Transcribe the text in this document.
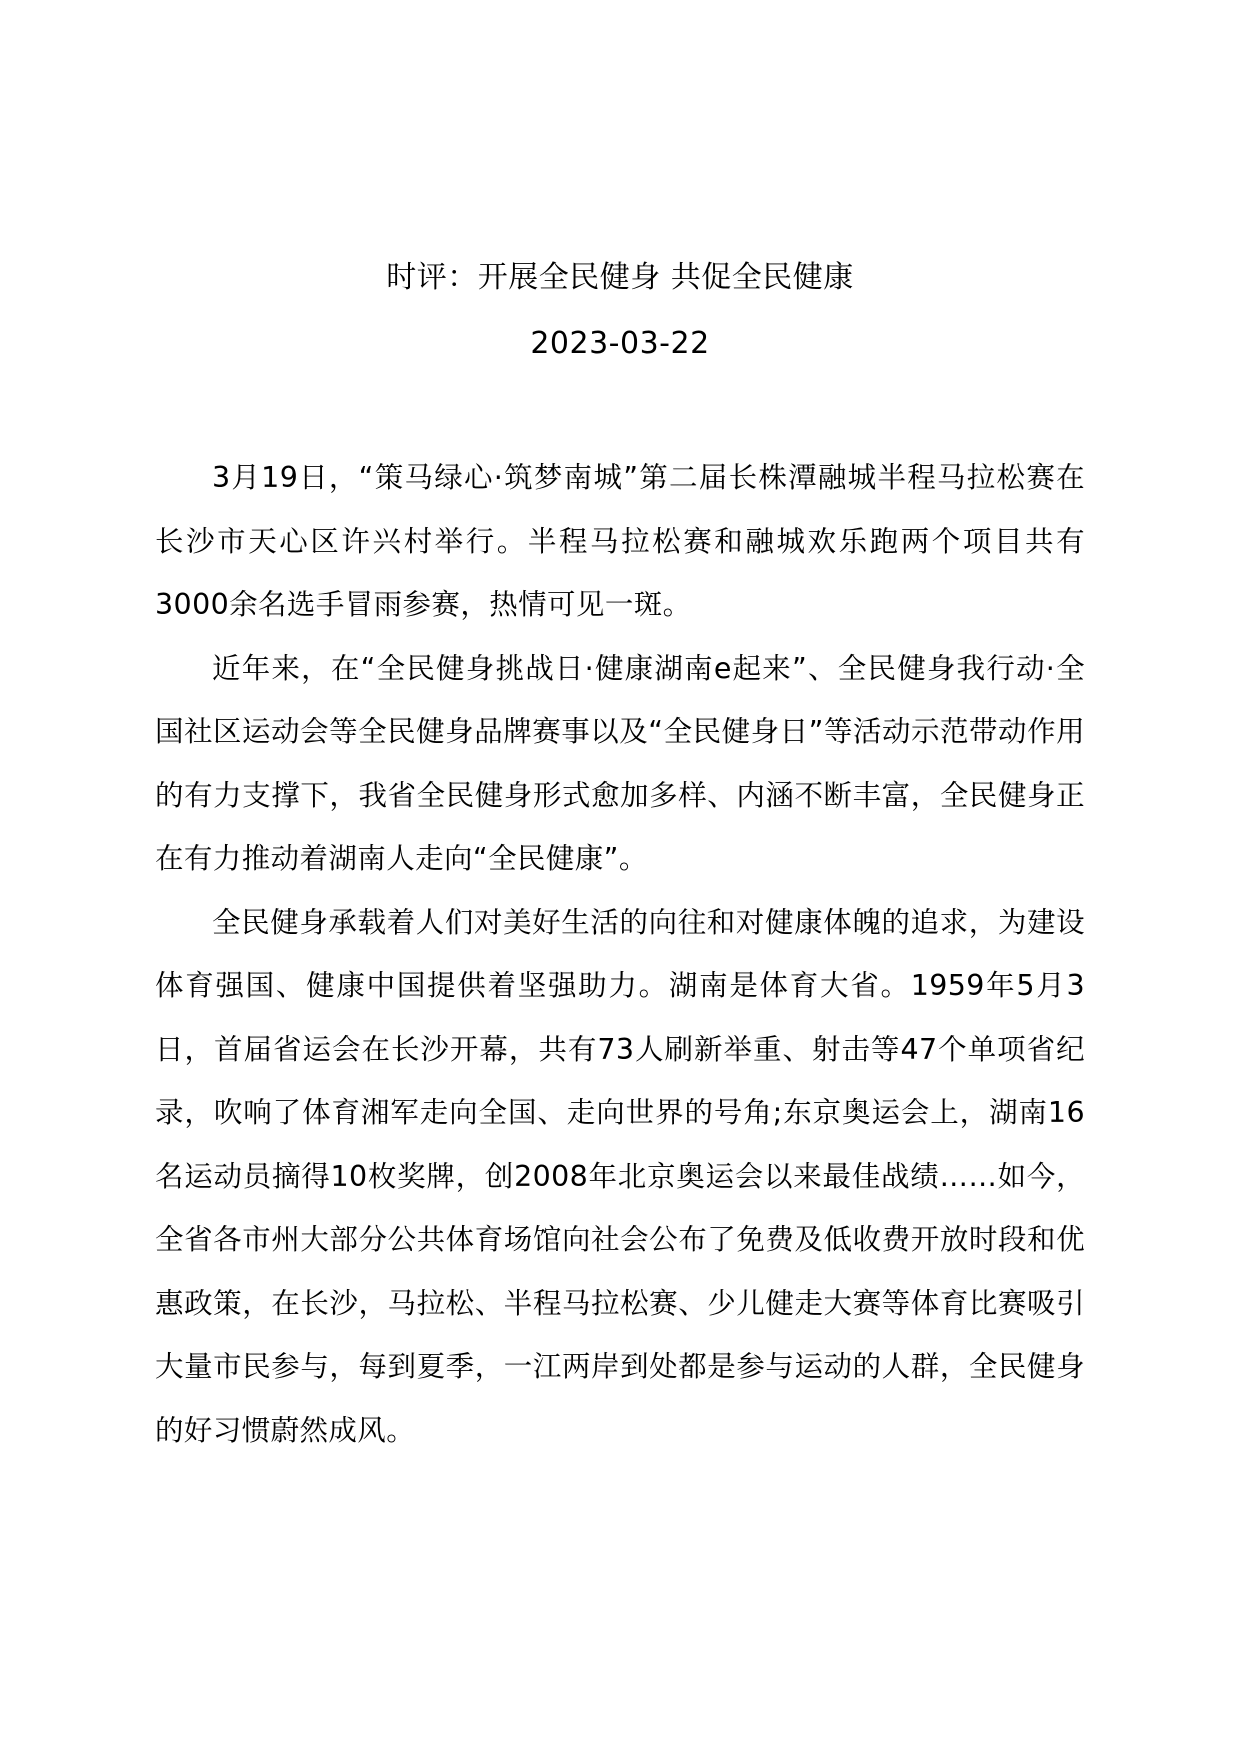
时评：开展全民健身 共促全民健康
2023-03-22

3月19日，“策马绿心·筑梦南城”第二届长株潭融城半程马拉松赛在长沙市天心区许兴村举行。半程马拉松赛和融城欢乐跑两个项目共有3000余名选手冒雨参赛，热情可见一斑。

近年来，在“全民健身挑战日·健康湖南e起来”、全民健身我行动·全国社区运动会等全民健身品牌赛事以及“全民健身日”等活动示范带动作用的有力支撑下，我省全民健身形式愈加多样、内涵不断丰富，全民健身正在有力推动着湖南人走向“全民健康”。

全民健身承载着人们对美好生活的向往和对健康体魄的追求，为建设体育强国、健康中国提供着坚强助力。湖南是体育大省。1959年5月3日，首届省运会在长沙开幕，共有73人刷新举重、射击等47个单项省纪录，吹响了体育湘军走向全国、走向世界的号角;东京奥运会上，湖南16名运动员摘得10枚奖牌，创2008年北京奥运会以来最佳战绩……如今，全省各市州大部分公共体育场馆向社会公布了免费及低收费开放时段和优惠政策，在长沙，马拉松、半程马拉松赛、少儿健走大赛等体育比赛吸引大量市民参与，每到夏季，一江两岸到处都是参与运动的人群，全民健身的好习惯蔚然成风。
